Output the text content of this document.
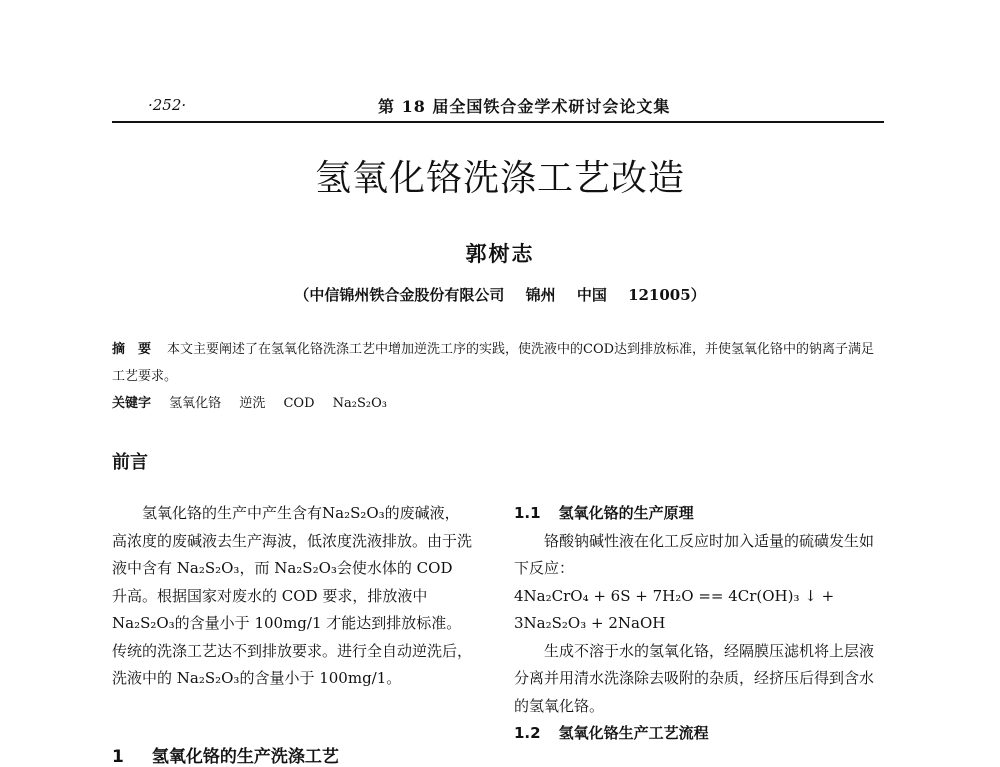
·252·	第 18 届全国铁合金学术研讨会论文集
氢氧化铬洗涤工艺改造
郭树志
（中信锦州铁合金股份有限公司 锦州 中国 121005）
摘　要 本文主要阐述了在氢氧化铬洗涤工艺中增加逆洗工序的实践，使洗液中的COD达到排放标准，并使氢氧化铬中的钠离子满足工艺要求。
关键字 氢氧化铬 逆洗 COD Na₂S₂O₃
前言

氢氧化铬的生产中产生含有Na₂S₂O₃的废碱液，高浓度的废碱液去生产海波，低浓度洗液排放。由于洗液中含有 Na₂S₂O₃，而 Na₂S₂O₃会使水体的 COD 升高。根据国家对废水的 COD 要求，排放液中 Na₂S₂O₃的含量小于 100mg/1 才能达到排放标准。传统的洗涤工艺达不到排放要求。进行全自动逆洗后，洗液中的 Na₂S₂O₃的含量小于 100mg/1。

1 氢氧化铬的生产洗涤工艺
1.1 氢氧化铬的生产原理

铬酸钠碱性液在化工反应时加入适量的硫磺发生如下反应：

4Na₂CrO₄ + 6S + 7H₂O == 4Cr(OH)₃ ↓ + 3Na₂S₂O₃ + 2NaOH

生成不溶于水的氢氧化铬，经隔膜压滤机将上层液分离并用清水洗涤除去吸附的杂质，经挤压后得到含水的氢氧化铬。

1.2 氢氧化铬生产工艺流程
